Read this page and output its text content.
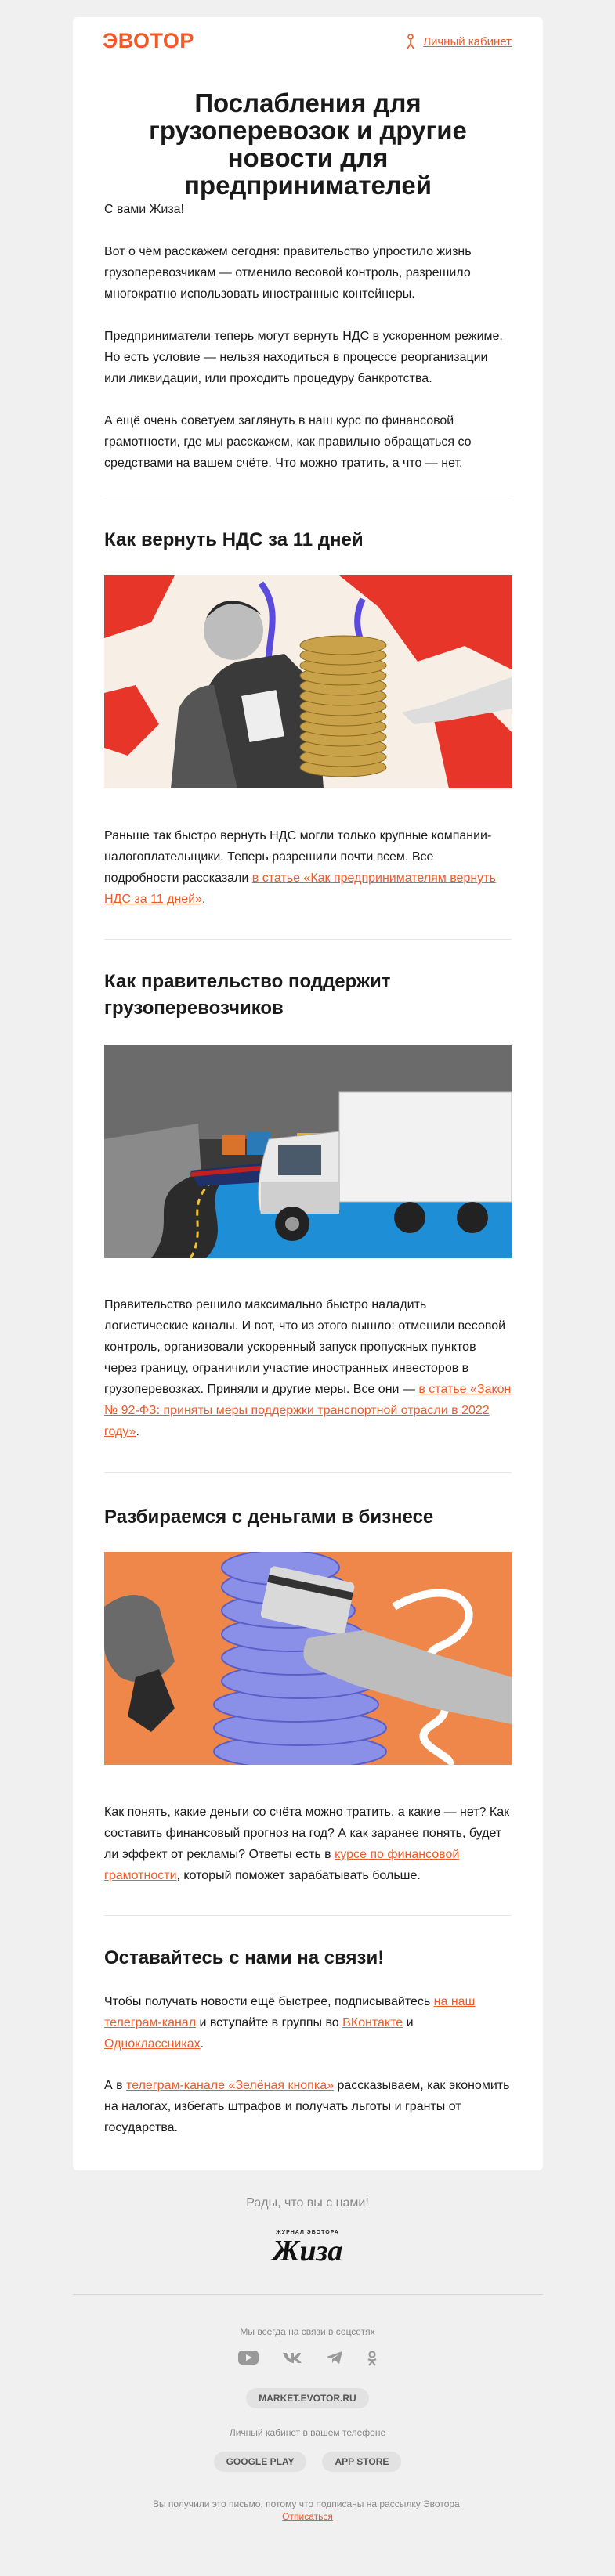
ЭВОТОР	Личный кабинет
Послабления для грузоперевозок и другие новости для предпринимателей

С вами Жиза!

Вот о чём расскажем сегодня: правительство упростило жизнь грузоперевозчикам — отменило весовой контроль, разрешило многократно использовать иностранные контейнеры.

Предприниматели теперь могут вернуть НДС в ускоренном режиме. Но есть условие — нельзя находиться в процессе реорганизации или ликвидации, или проходить процедуру банкротства.

А ещё очень советуем заглянуть в наш курс по финансовой грамотности, где мы расскажем, как правильно обращаться со средствами на вашем счёте. Что можно тратить, а что — нет.

Как вернуть НДС за 11 дней

Раньше так быстро вернуть НДС могли только крупные компании-налогоплательщики. Теперь разрешили почти всем. Все подробности рассказали в статье «Как предпринимателям вернуть НДС за 11 дней».

Как правительство поддержит грузоперевозчиков

Правительство решило максимально быстро наладить логистические каналы. И вот, что из этого вышло: отменили весовой контроль, организовали ускоренный запуск пропускных пунктов через границу, ограничили участие иностранных инвесторов в грузоперевозках. Приняли и другие меры. Все они — в статье «Закон № 92-ФЗ: приняты меры поддержки транспортной отрасли в 2022 году».

Разбираемся с деньгами в бизнесе

Как понять, какие деньги со счёта можно тратить, а какие — нет? Как составить финансовый прогноз на год? А как заранее понять, будет ли эффект от рекламы? Ответы есть в курсе по финансовой грамотности, который поможет зарабатывать больше.

Оставайтесь с нами на связи!

Чтобы получать новости ещё быстрее, подписывайтесь на наш телеграм-канал и вступайте в группы во ВКонтакте и Одноклассниках.

А в телеграм-канале «Зелёная кнопка» рассказываем, как экономить на налогах, избегать штрафов и получать льготы и гранты от государства.

Рады, что вы с нами!
ЖУРНАЛ ЭВОТОРА
Жиза
Мы всегда на связи в соцсетях
MARKET.EVOTOR.RU
Личный кабинет в вашем телефоне
GOOGLE PLAY	APP STORE
Вы получили это письмо, потому что подписаны на рассылку Эвотора.
Отписаться
